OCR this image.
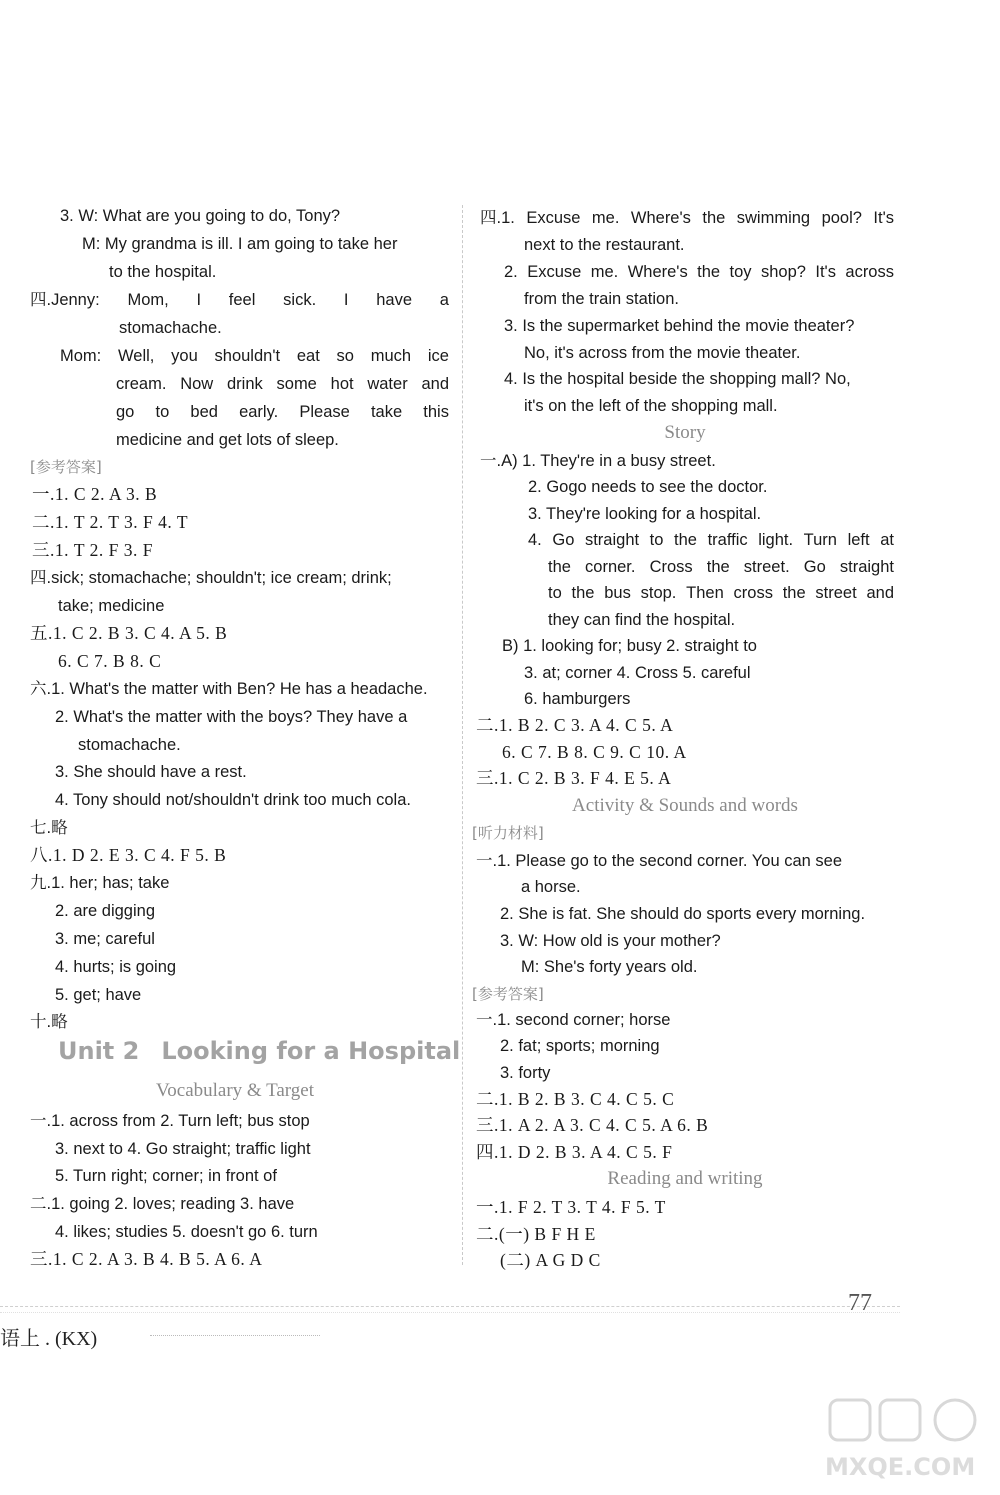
3. W: What are you going to do, Tony?
M: My grandma is ill. I am going to take her
to the hospital.
四.Jenny: Mom, I feel sick. I have a
stomachache.
Mom: Well, you shouldn't eat so much ice
cream. Now drink some hot water and
go to bed early. Please take this
medicine and get lots of sleep.
[参考答案]
一.1. C 2. A 3. B
二.1. T 2. T 3. F 4. T
三.1. T 2. F 3. F
四.sick; stomachache; shouldn't; ice cream; drink;
take; medicine
五.1. C 2. B 3. C 4. A 5. B
6. C 7. B 8. C
六.1. What's the matter with Ben? He has a headache.
2. What's the matter with the boys? They have a
stomachache.
3. She should have a rest.
4. Tony should not/shouldn't drink too much cola.
七.略
八.1. D 2. E 3. C 4. F 5. B
九.1. her; has; take
2. are digging
3. me; careful
4. hurts; is going
5. get; have
十.略
一.1. across from 2. Turn left; bus stop
3. next to 4. Go straight; traffic light
5. Turn right; corner; in front of
二.1. going 2. loves; reading 3. have
4. likes; studies 5. doesn't go 6. turn
三.1. C 2. A 3. B 4. B 5. A 6. A
四.1. Excuse me. Where's the swimming pool? It's
next to the restaurant.
2. Excuse me. Where's the toy shop? It's across
from the train station.
3. Is the supermarket behind the movie theater?
No, it's across from the movie theater.
4. Is the hospital beside the shopping mall? No,
it's on the left of the shopping mall.
一.A) 1. They're in a busy street.
2. Gogo needs to see the doctor.
3. They're looking for a hospital.
4. Go straight to the traffic light. Turn left at
the corner. Cross the street. Go straight
to the bus stop. Then cross the street and
they can find the hospital.
B) 1. looking for; busy 2. straight to
3. at; corner 4. Cross 5. careful
6. hamburgers
二.1. B 2. C 3. A 4. C 5. A
6. C 7. B 8. C 9. C 10. A
三.1. C 2. B 3. F 4. E 5. A
[听力材料]
一.1. Please go to the second corner. You can see
a horse.
2. She is fat. She should do sports every morning.
3. W: How old is your mother?
M: She's forty years old.
[参考答案]
一.1. second corner; horse
2. fat; sports; morning
3. forty
二.1. B 2. B 3. C 4. C 5. C
三.1. A 2. A 3. C 4. C 5. A 6. B
四.1. D 2. B 3. A 4. C 5. F
一.1. F 2. T 3. T 4. F 5. T
二.(一) B F H E
(二) A G D C
Unit 2 Looking for a Hospital
Vocabulary & Target
Story
Activity & Sounds and words
Reading and writing
77
语上 . (KX)
MXQE.COM
